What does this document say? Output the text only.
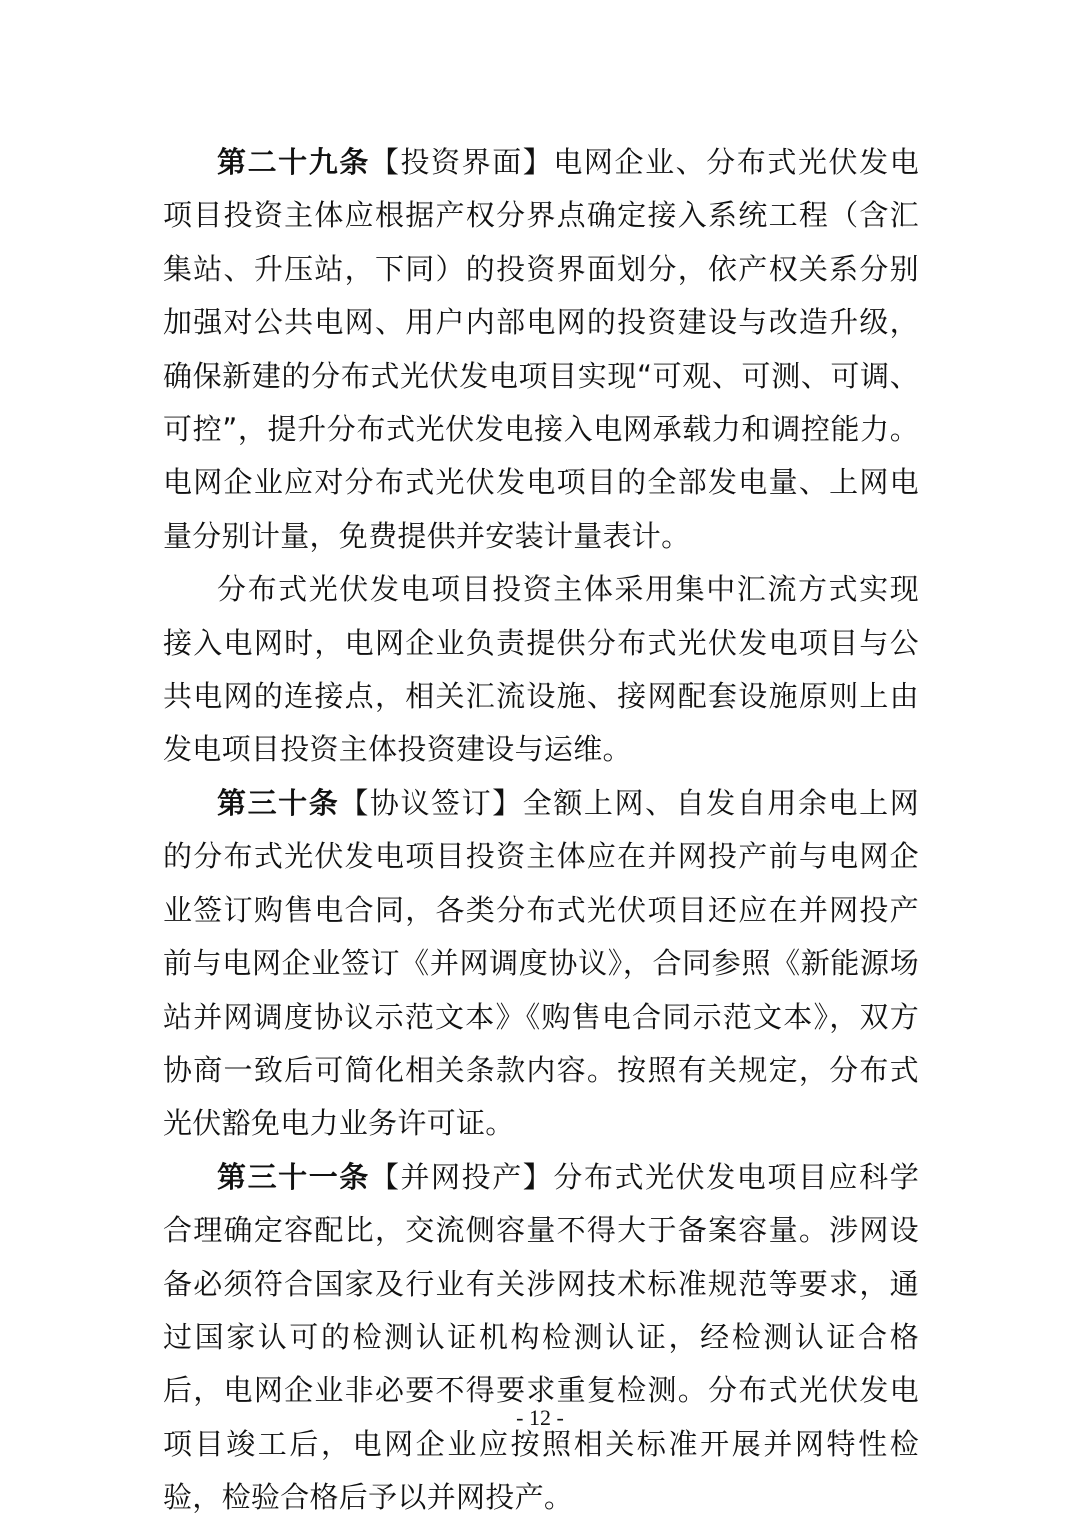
第二十九条【投资界面】电网企业、分布式光伏发电项目投资主体应根据产权分界点确定接入系统工程（含汇集站、升压站，下同）的投资界面划分，依产权关系分别加强对公共电网、用户内部电网的投资建设与改造升级，确保新建的分布式光伏发电项目实现“可观、可测、可调、可控”，提升分布式光伏发电接入电网承载力和调控能力。电网企业应对分布式光伏发电项目的全部发电量、上网电量分别计量，免费提供并安装计量表计。

分布式光伏发电项目投资主体采用集中汇流方式实现接入电网时，电网企业负责提供分布式光伏发电项目与公共电网的连接点，相关汇流设施、接网配套设施原则上由发电项目投资主体投资建设与运维。

第三十条【协议签订】全额上网、自发自用余电上网的分布式光伏发电项目投资主体应在并网投产前与电网企业签订购售电合同，各类分布式光伏项目还应在并网投产前与电网企业签订《并网调度协议》，合同参照《新能源场站并网调度协议示范文本》《购售电合同示范文本》，双方协商一致后可简化相关条款内容。按照有关规定，分布式光伏豁免电力业务许可证。

第三十一条【并网投产】分布式光伏发电项目应科学合理确定容配比，交流侧容量不得大于备案容量。涉网设备必须符合国家及行业有关涉网技术标准规范等要求，通过国家认可的检测认证机构检测认证，经检测认证合格后，电网企业非必要不得要求重复检测。分布式光伏发电项目竣工后，电网企业应按照相关标准开展并网特性检验，检验合格后予以并网投产。

- 12 -
